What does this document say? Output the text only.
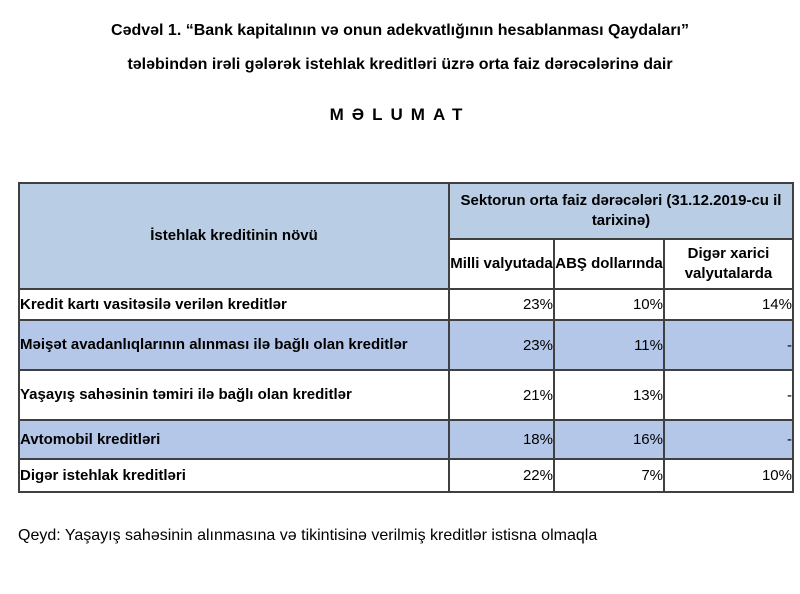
Cədvəl 1. “Bank kapitalının və onun adekvatlığının hesablanması Qaydaları”
tələbindən irəli gələrək istehlak kreditləri üzrə orta faiz dərəcələrinə dair
MƏLUMAT
İstehlak kreditinin növü	Sektorun orta faiz dərəcələri (31.12.2019-cu il tarixinə)		
	Milli valyutada	ABŞ dollarında	Digər xarici valyutalarda
Kredit kartı vasitəsilə verilən kreditlər	23%	10%	14%
Məişət avadanlıqlarının alınması ilə bağlı olan kreditlər	23%	11%	-
Yaşayış sahəsinin təmiri ilə bağlı olan kreditlər	21%	13%	-
Avtomobil kreditləri	18%	16%	-
Digər istehlak kreditləri	22%	7%	10%
Qeyd: Yaşayış sahəsinin alınmasına və tikintisinə verilmiş kreditlər istisna olmaqla
